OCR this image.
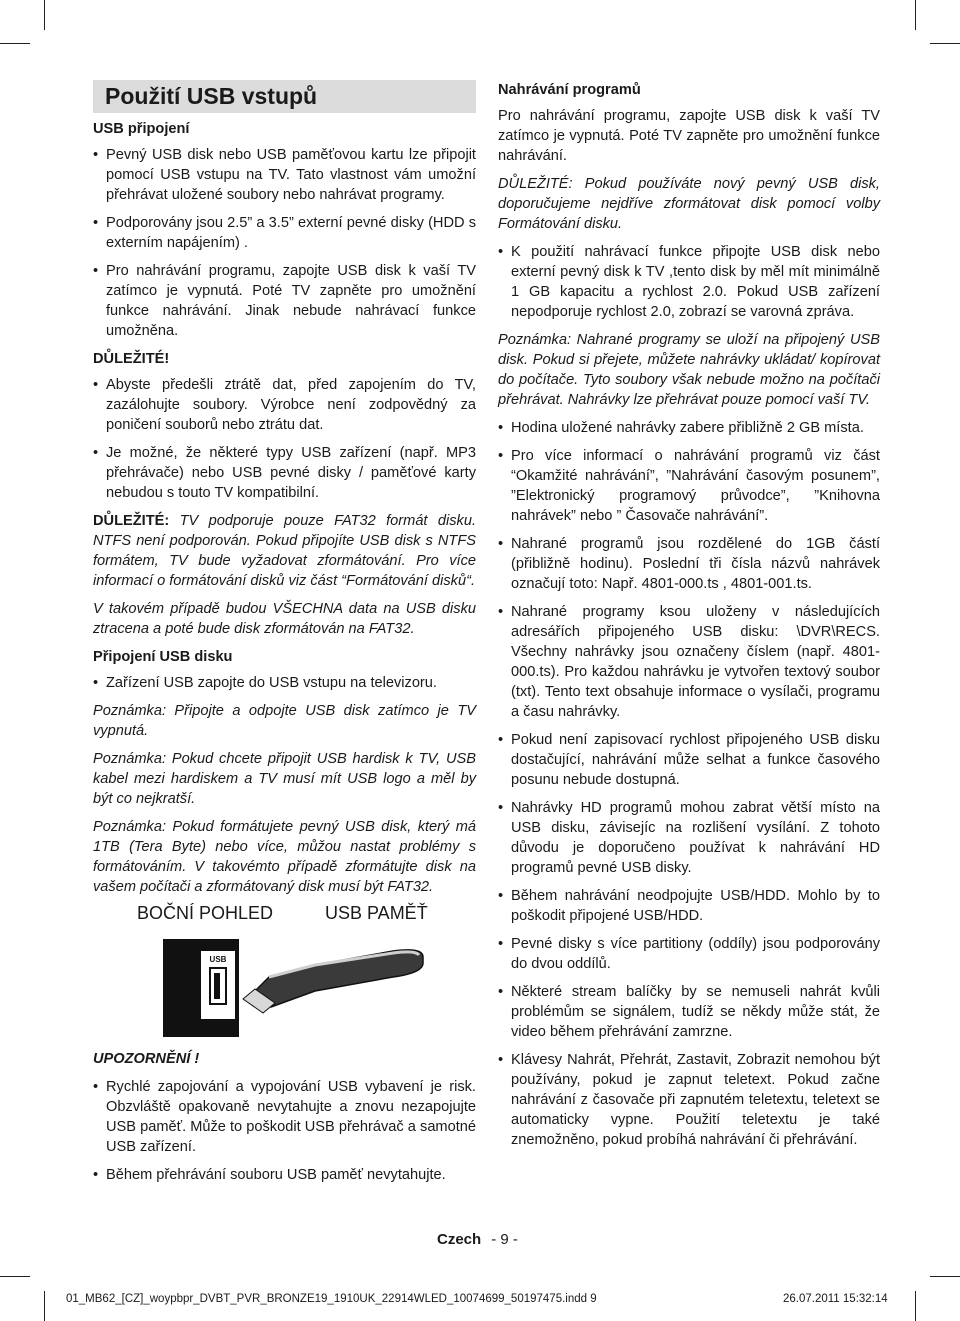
Použití USB vstupů
USB připojení
• Pevný USB disk nebo USB paměťovou kartu lze připojit pomocí USB vstupu na TV. Tato vlastnost vám umožní přehrávat uložené soubory nebo nahrávat programy.
• Podporovány jsou 2.5” a 3.5” externí pevné disky (HDD s externím napájením) .
• Pro nahrávání programu, zapojte USB disk k vaší TV zatímco je vypnutá. Poté TV zapněte pro umožnění funkce nahrávání. Jinak nebude nahrávací funkce umožněna.
DŮLEŽITÉ!
• Abyste předešli ztrátě dat, před zapojením do TV, zazálohujte soubory. Výrobce není zodpovědný za poničení souborů nebo ztrátu dat.
• Je možné, že některé typy USB zařízení (např. MP3 přehrávače) nebo USB pevné disky / paměťové karty nebudou s touto TV kompatibilní.
DŮLEŽITÉ: TV podporuje pouze FAT32 formát disku. NTFS není podporován. Pokud připojíte USB disk s NTFS formátem, TV bude vyžadovat zformátování. Pro více informací o formátování disků viz část “Formátování disků“.
V takovém případě budou VŠECHNA data na USB disku ztracena a poté bude disk zformátován na FAT32.
Připojení USB disku
• Zařízení USB zapojte do USB vstupu na televizoru.
Poznámka: Připojte a odpojte USB disk zatímco je TV vypnutá.
Poznámka: Pokud chcete připojit USB hardisk k TV, USB kabel mezi hardiskem a TV musí mít USB logo a měl by být co nejkratší.
Poznámka: Pokud formátujete pevný USB disk, který má 1TB (Tera Byte) nebo více, můžou nastat problémy s formátováním. V takovémto případě zformátujte disk na vašem počítači a zformátovaný disk musí být FAT32.
BOČNÍ POHLED	USB PAMĚŤ
USB
UPOZORNĚNÍ !
• Rychlé zapojování a vypojování USB vybavení je risk. Obzvláště opakovaně nevytahujte a znovu nezapojujte USB paměť. Může to poškodit USB přehrávač a samotné USB zařízení.
• Během přehrávání souboru USB paměť nevytahujte.
Nahrávání programů
Pro nahrávání programu, zapojte USB disk k vaší TV zatímco je vypnutá. Poté TV zapněte pro umožnění funkce nahrávání.
DŮLEŽITÉ: Pokud používáte nový pevný USB disk, doporučujeme nejdříve zformátovat disk pomocí volby Formátování disku.
• K použití nahrávací funkce připojte USB disk nebo externí pevný disk k TV ,tento disk by měl mít minimálně 1 GB kapacitu a rychlost 2.0. Pokud USB zařízení nepodporuje rychlost 2.0, zobrazí se varovná zpráva.
Poznámka: Nahrané programy se uloží na připojený USB disk. Pokud si přejete, můžete nahrávky ukládat/ kopírovat do počítače. Tyto soubory však nebude možno na počítači přehrávat. Nahrávky lze přehrávat pouze pomocí vaší TV.
• Hodina uložené nahrávky zabere přibližně 2 GB místa.
• Pro více informací o nahrávání programů viz část “Okamžité nahrávání”, ”Nahrávání časovým posunem”, ”Elektronický programový průvodce”, ”Knihovna nahrávek” nebo ” Časovače nahrávání”.
• Nahrané programů jsou rozdělené do 1GB částí (přibližně hodinu). Poslední tři čísla názvů nahrávek označují toto: Např. 4801-000.ts , 4801-001.ts.
• Nahrané programy ksou uloženy v následujících adresářích připojeného USB disku: \DVR\RECS. Všechny nahrávky jsou označeny číslem (např. 4801-000.ts). Pro každou nahrávku je vytvořen textový soubor (txt). Tento text obsahuje informace o vysílači, programu a času nahrávky.
• Pokud není zapisovací rychlost připojeného USB disku dostačující, nahrávání může selhat a funkce časového posunu nebude dostupná.
• Nahrávky HD programů mohou zabrat větší místo na USB disku, závisejíc na rozlišení vysílání. Z tohoto důvodu je doporučeno používat k nahrávání HD programů pevné USB disky.
• Během nahrávání neodpojujte USB/HDD. Mohlo by to poškodit připojené USB/HDD.
• Pevné disky s více partitiony (oddíly) jsou podporovány do dvou oddílů.
• Některé stream balíčky by se nemuseli nahrát kvůli problémům se signálem, tudíž se někdy může stát, že video během přehrávání zamrzne.
• Klávesy Nahrát, Přehrát, Zastavit, Zobrazit nemohou být používány, pokud je zapnut teletext. Pokud začne nahrávání z časovače při zapnutém teletextu, teletext se automaticky vypne. Použití teletextu je také znemožněno, pokud probíhá nahrávání či přehrávání.
Czech - 9 -
01_MB62_[CZ]_woypbpr_DVBT_PVR_BRONZE19_1910UK_22914WLED_10074699_50197475.indd 9	26.07.2011 15:32:14
